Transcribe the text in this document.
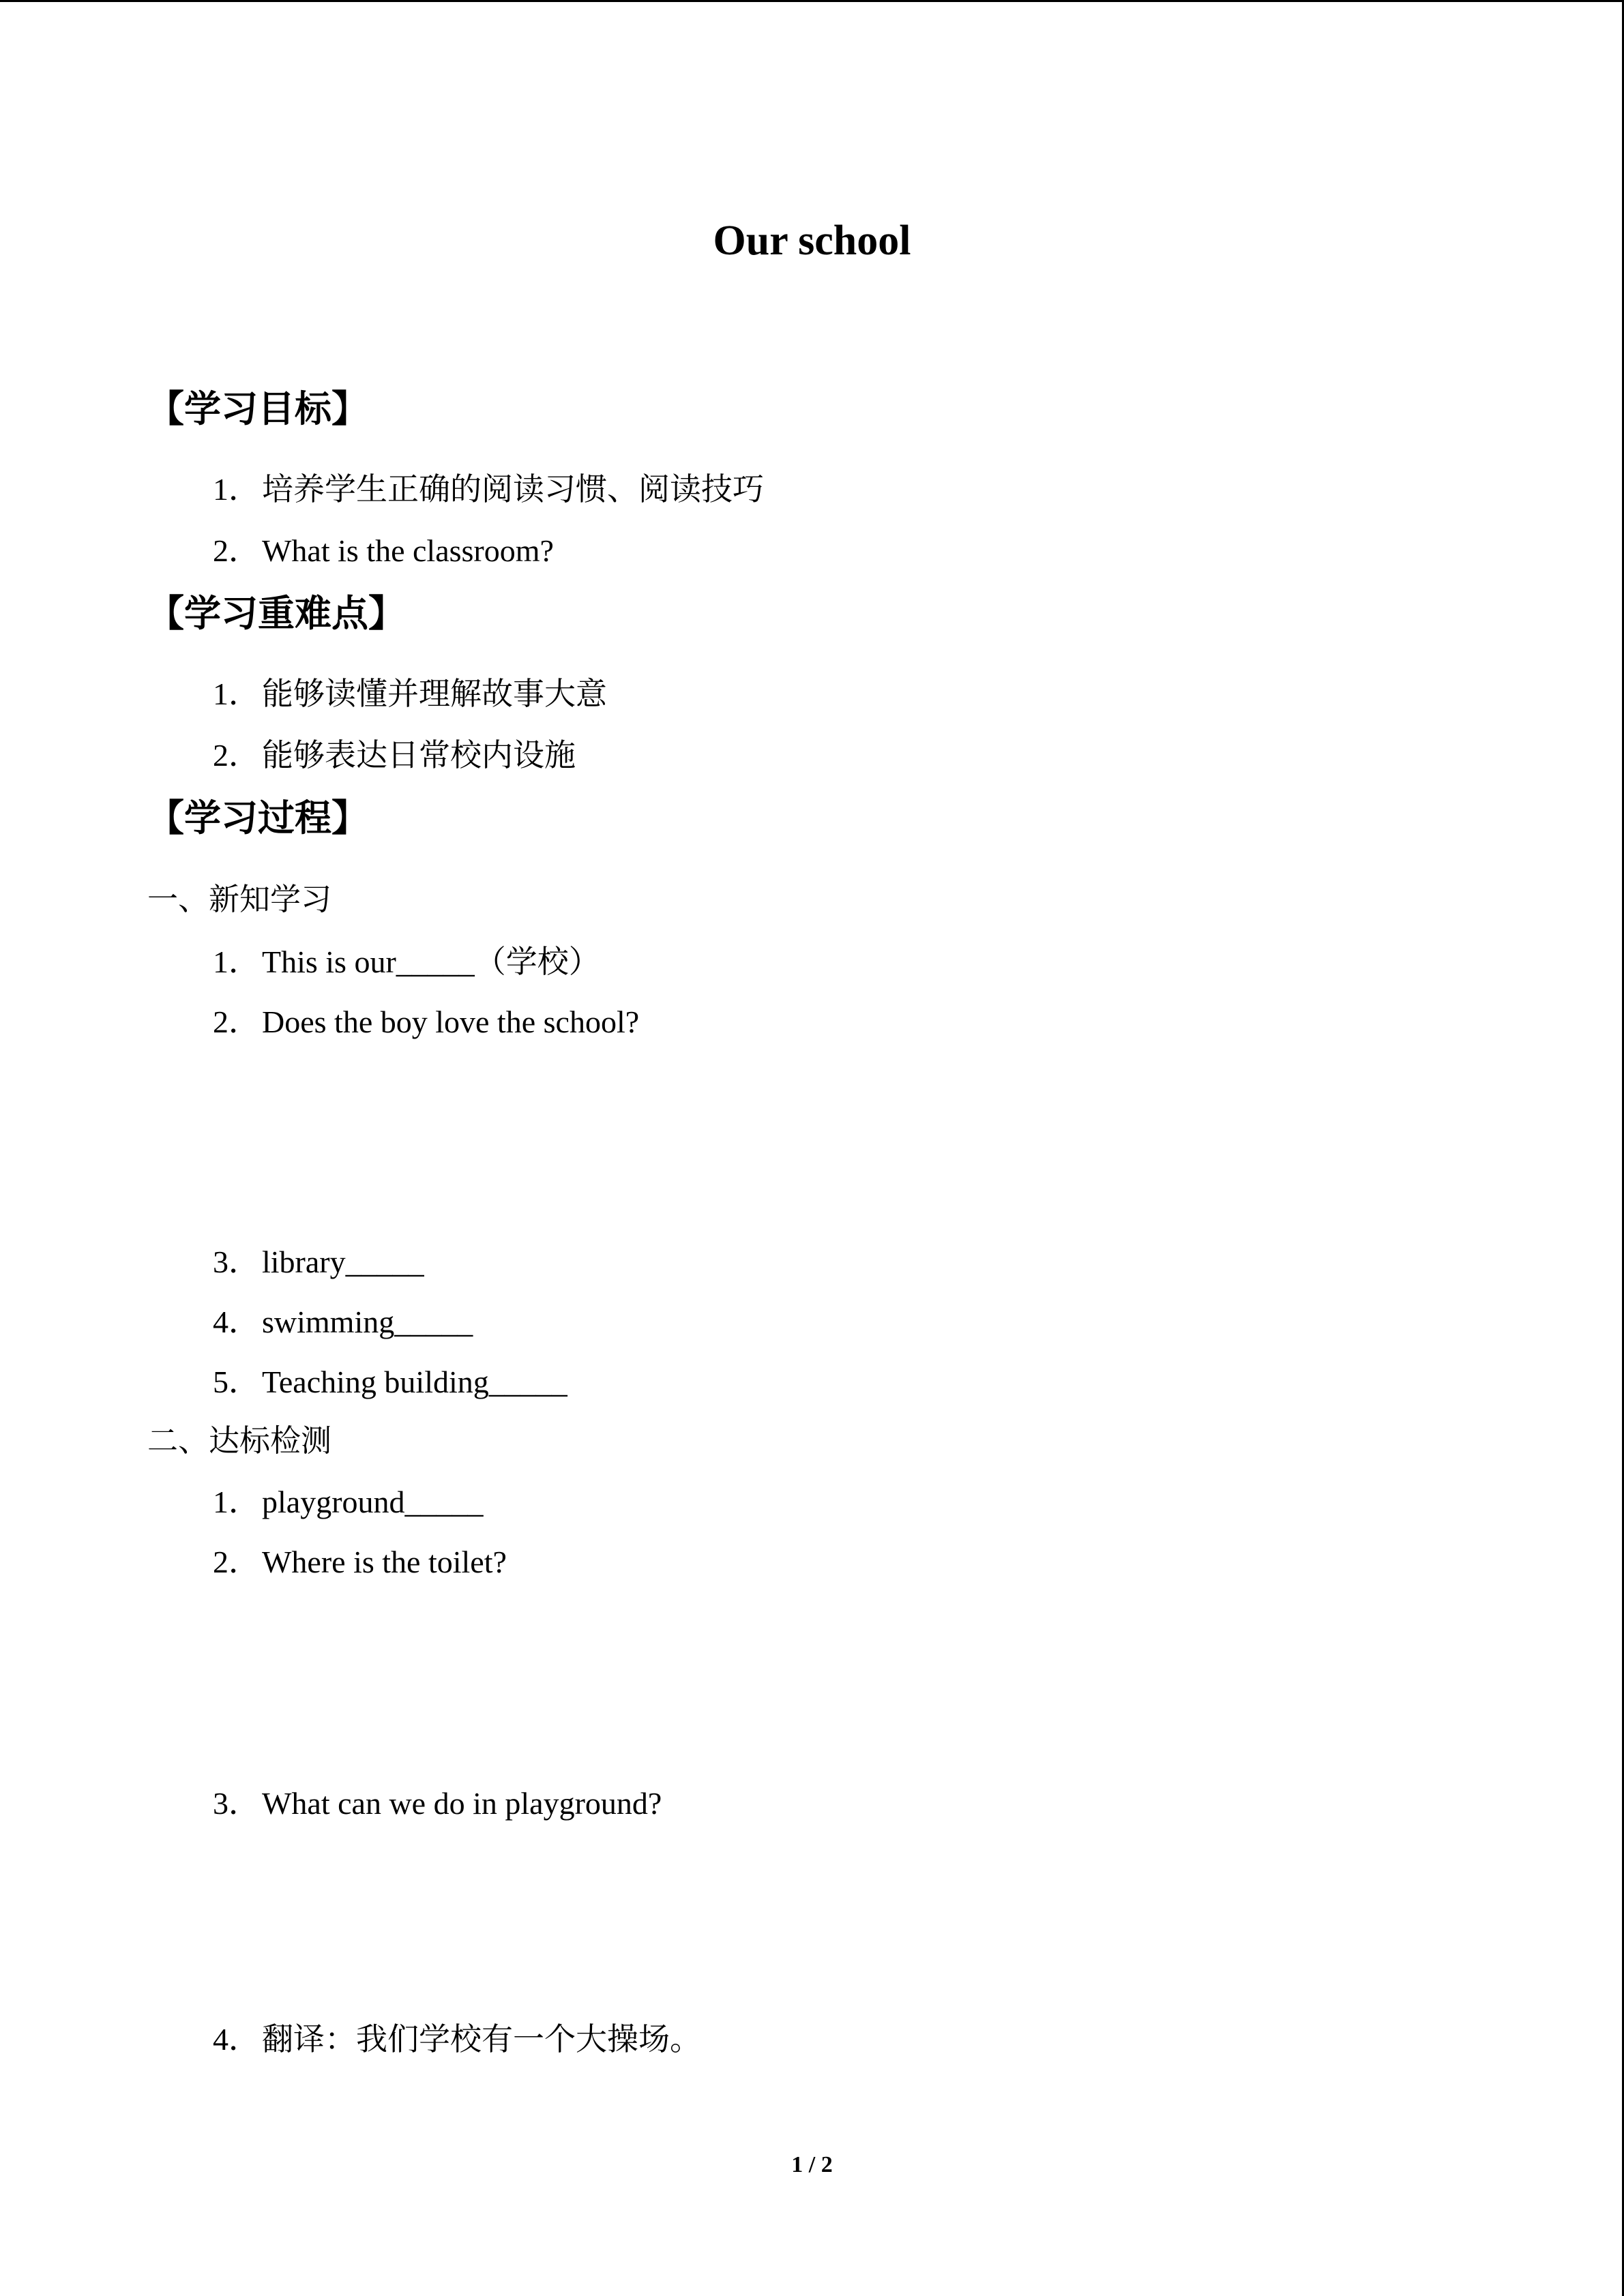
Our school
【学习目标】
1．培养学生正确的阅读习惯、阅读技巧
2．What is the classroom?
【学习重难点】
1．能够读懂并理解故事大意
2．能够表达日常校内设施
【学习过程】
一、新知学习
1．This is our_____（学校）
2．Does the boy love the school?
3．library_____
4．swimming_____
5．Teaching building_____
二、达标检测
1．playground_____
2．Where is the toilet?
3．What can we do in playground?
4．翻译：我们学校有一个大操场。
1 / 2
